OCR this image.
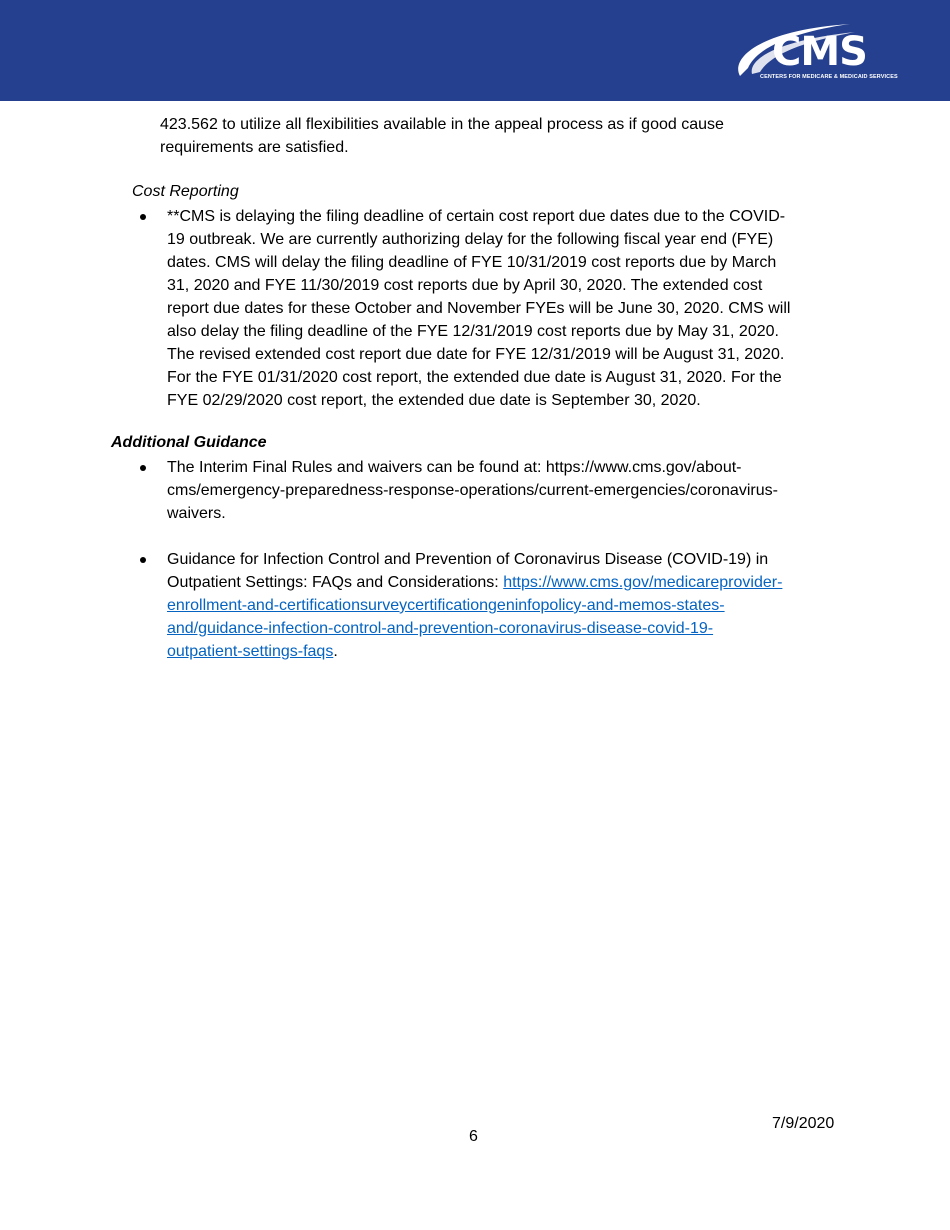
CMS
CENTERS FOR MEDICARE & MEDICAID SERVICES
423.562 to utilize all flexibilities available in the appeal process as if good cause
requirements are satisfied.
Cost Reporting
**CMS is delaying the filing deadline of certain cost report due dates due to the COVID-
19 outbreak. We are currently authorizing delay for the following fiscal year end (FYE)
dates. CMS will delay the filing deadline of FYE 10/31/2019 cost reports due by March
31, 2020 and FYE 11/30/2019 cost reports due by April 30, 2020. The extended cost
report due dates for these October and November FYEs will be June 30, 2020. CMS will
also delay the filing deadline of the FYE 12/31/2019 cost reports due by May 31, 2020.
The revised extended cost report due date for FYE 12/31/2019 will be August 31, 2020.
For the FYE 01/31/2020 cost report, the extended due date is August 31, 2020. For the
FYE 02/29/2020 cost report, the extended due date is September 30, 2020.
Additional Guidance
The Interim Final Rules and waivers can be found at: https://www.cms.gov/about-
cms/emergency-preparedness-response-operations/current-emergencies/coronavirus-
waivers.
Guidance for Infection Control and Prevention of Coronavirus Disease (COVID-19) in
Outpatient Settings: FAQs and Considerations: https://www.cms.gov/medicareprovider-
enrollment-and-certificationsurveycertificationgeninfopolicy-and-memos-states-
and/guidance-infection-control-and-prevention-coronavirus-disease-covid-19-
outpatient-settings-faqs.
7/9/2020
6
